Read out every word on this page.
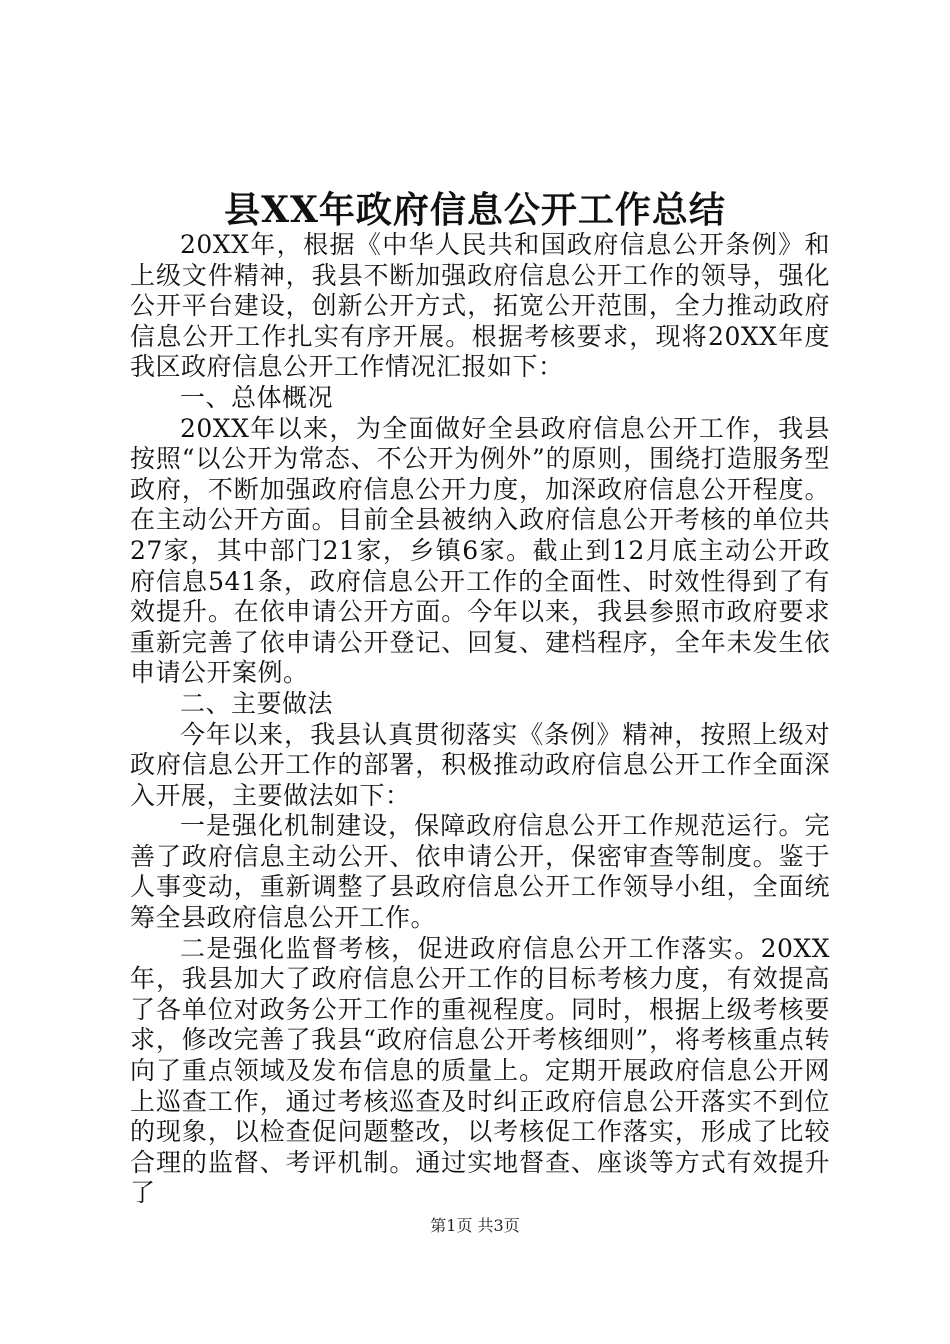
县XX年政府信息公开工作总结

20XX年，根据《中华人民共和国政府信息公开条例》和上级文件精神，我县不断加强政府信息公开工作的领导，强化公开平台建设，创新公开方式，拓宽公开范围，全力推动政府信息公开工作扎实有序开展。根据考核要求，现将20XX年度我区政府信息公开工作情况汇报如下：

一、总体概况

20XX年以来，为全面做好全县政府信息公开工作，我县按照“以公开为常态、不公开为例外”的原则，围绕打造服务型政府，不断加强政府信息公开力度，加深政府信息公开程度。在主动公开方面。目前全县被纳入政府信息公开考核的单位共27家，其中部门21家，乡镇6家。截止到12月底主动公开政府信息541条，政府信息公开工作的全面性、时效性得到了有效提升。在依申请公开方面。今年以来，我县参照市政府要求重新完善了依申请公开登记、回复、建档程序，全年未发生依申请公开案例。

二、主要做法

今年以来，我县认真贯彻落实《条例》精神，按照上级对政府信息公开工作的部署，积极推动政府信息公开工作全面深入开展，主要做法如下：

一是强化机制建设，保障政府信息公开工作规范运行。完善了政府信息主动公开、依申请公开，保密审查等制度。鉴于人事变动，重新调整了县政府信息公开工作领导小组，全面统筹全县政府信息公开工作。

二是强化监督考核，促进政府信息公开工作落实。20XX年，我县加大了政府信息公开工作的目标考核力度，有效提高了各单位对政务公开工作的重视程度。同时，根据上级考核要求，修改完善了我县“政府信息公开考核细则”，将考核重点转向了重点领域及发布信息的质量上。定期开展政府信息公开网上巡查工作，通过考核巡查及时纠正政府信息公开落实不到位的现象，以检查促问题整改，以考核促工作落实，形成了比较合理的监督、考评机制。通过实地督查、座谈等方式有效提升了

第1页 共3页
